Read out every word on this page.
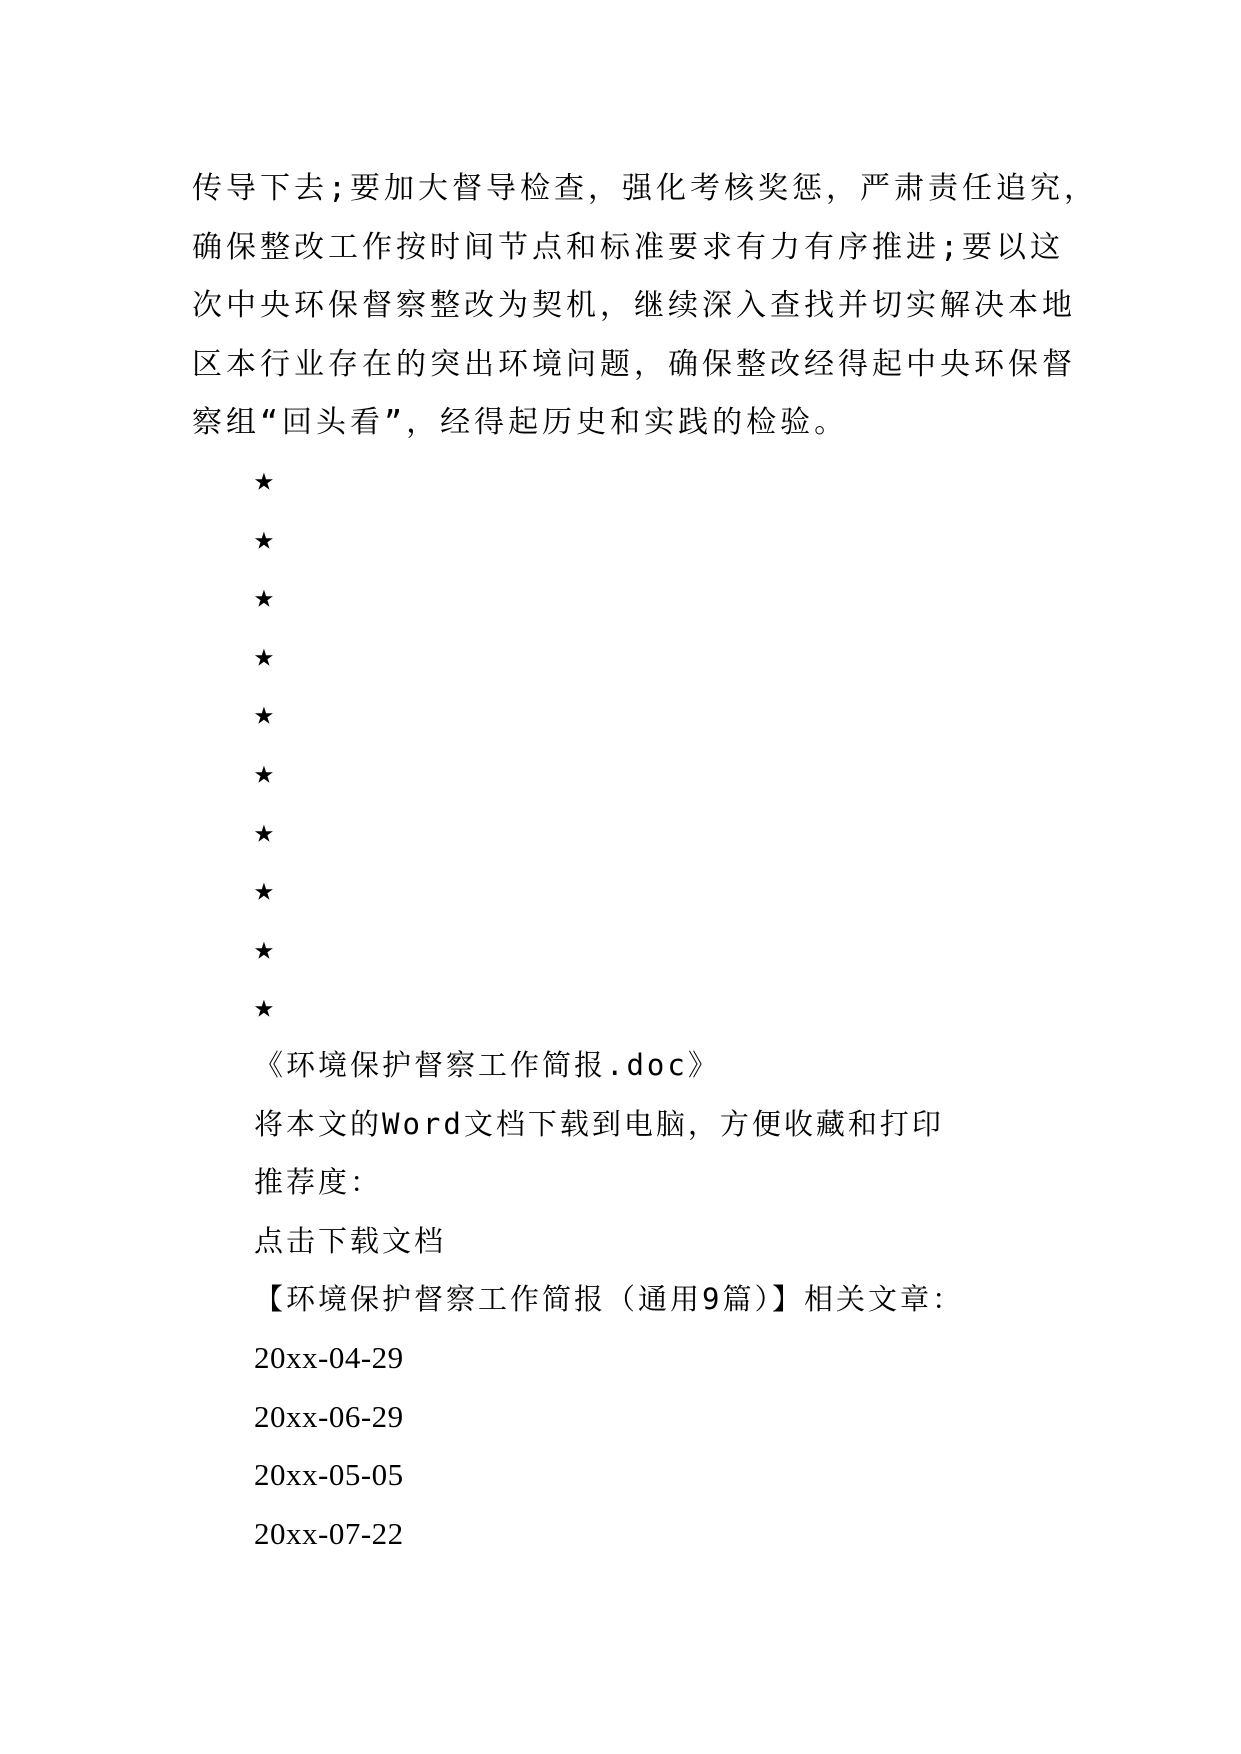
传导下去;要加大督导检查，强化考核奖惩，严肃责任追究，
确保整改工作按时间节点和标准要求有力有序推进;要以这
次中央环保督察整改为契机，继续深入查找并切实解决本地
区本行业存在的突出环境问题，确保整改经得起中央环保督
察组“回头看”，经得起历史和实践的检验。
★
★
★
★
★
★
★
★
★
★
《环境保护督察工作简报.doc》
将本文的Word文档下载到电脑，方便收藏和打印
推荐度：
点击下载文档
【环境保护督察工作简报（通用9篇）】相关文章：
20xx-04-29
20xx-06-29
20xx-05-05
20xx-07-22
